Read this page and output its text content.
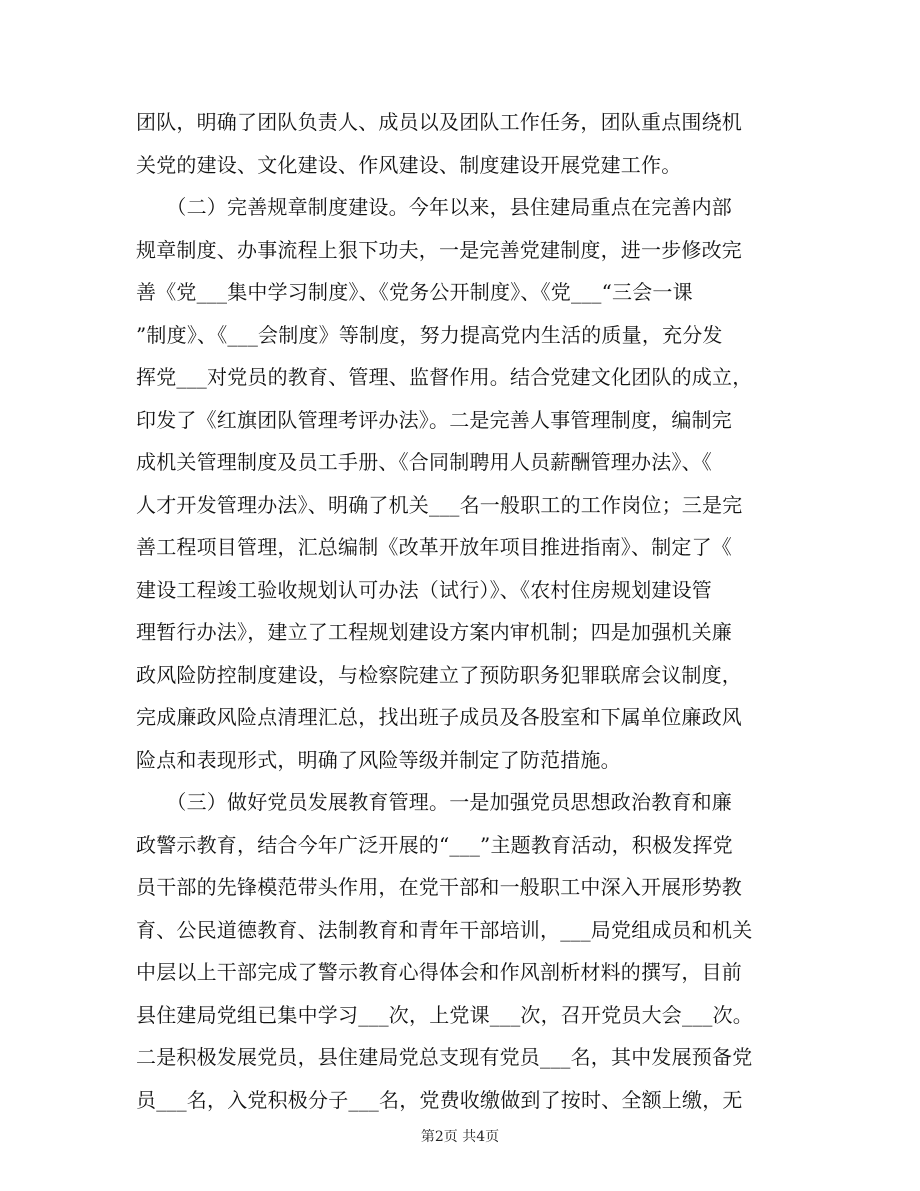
团队，明确了团队负责人、成员以及团队工作任务，团队重点围绕机
关党的建设、文化建设、作风建设、制度建设开展党建工作。
　　（二）完善规章制度建设。今年以来，县住建局重点在完善内部
规章制度、办事流程上狠下功夫，一是完善党建制度，进一步修改完
善《党___集中学习制度》、《党务公开制度》、《党___“三会一课
”制度》、《___会制度》等制度，努力提高党内生活的质量，充分发
挥党___对党员的教育、管理、监督作用。结合党建文化团队的成立，
印发了《红旗团队管理考评办法》。二是完善人事管理制度，编制完
成机关管理制度及员工手册、《合同制聘用人员薪酬管理办法》、《
人才开发管理办法》、明确了机关___名一般职工的工作岗位；三是完
善工程项目管理，汇总编制《改革开放年项目推进指南》、制定了《
建设工程竣工验收规划认可办法（试行）》、《农村住房规划建设管
理暂行办法》，建立了工程规划建设方案内审机制；四是加强机关廉
政风险防控制度建设，与检察院建立了预防职务犯罪联席会议制度，
完成廉政风险点清理汇总，找出班子成员及各股室和下属单位廉政风
险点和表现形式，明确了风险等级并制定了防范措施。
　　（三）做好党员发展教育管理。一是加强党员思想政治教育和廉
政警示教育，结合今年广泛开展的“___”主题教育活动，积极发挥党
员干部的先锋模范带头作用，在党干部和一般职工中深入开展形势教
育、公民道德教育、法制教育和青年干部培训，___局党组成员和机关
中层以上干部完成了警示教育心得体会和作风剖析材料的撰写，目前
县住建局党组已集中学习___次，上党课___次，召开党员大会___次。
二是积极发展党员，县住建局党总支现有党员___名，其中发展预备党
员___名，入党积极分子___名，党费收缴做到了按时、全额上缴，无
第2页 共4页
